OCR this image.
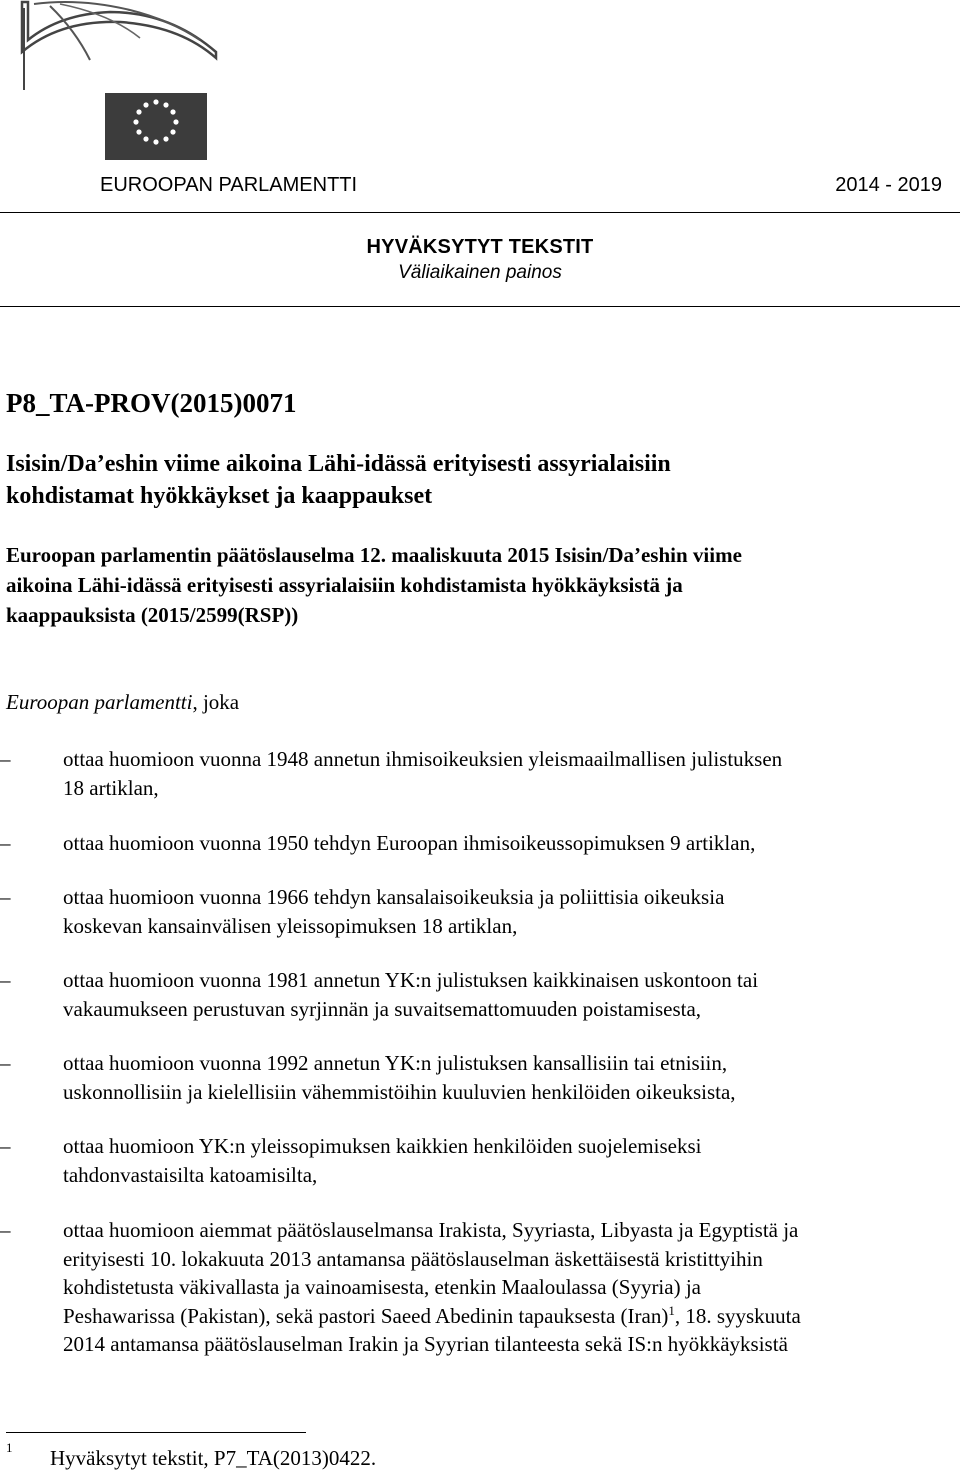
EUROOPAN PARLAMENTTI	2014 - 2019
HYVÄKSYTYT TEKSTIT
Väliaikainen painos
P8_TA-PROV(2015)0071
Isisin/Da’eshin viime aikoina Lähi-idässä erityisesti assyrialaisiin
kohdistamat hyökkäykset ja kaappaukset
Euroopan parlamentin päätöslauselma 12. maaliskuuta 2015 Isisin/Da’eshin viime
aikoina Lähi-idässä erityisesti assyrialaisiin kohdistamista hyökkäyksistä ja
kaappauksista (2015/2599(RSP))
Euroopan parlamentti, joka
–	ottaa huomioon vuonna 1948 annetun ihmisoikeuksien yleismaailmallisen julistuksen
18 artiklan,
–	ottaa huomioon vuonna 1950 tehdyn Euroopan ihmisoikeussopimuksen 9 artiklan,
–	ottaa huomioon vuonna 1966 tehdyn kansalaisoikeuksia ja poliittisia oikeuksia
koskevan kansainvälisen yleissopimuksen 18 artiklan,
–	ottaa huomioon vuonna 1981 annetun YK:n julistuksen kaikkinaisen uskontoon tai
vakaumukseen perustuvan syrjinnän ja suvaitsemattomuuden poistamisesta,
–	ottaa huomioon vuonna 1992 annetun YK:n julistuksen kansallisiin tai etnisiin,
uskonnollisiin ja kielellisiin vähemmistöihin kuuluvien henkilöiden oikeuksista,
–	ottaa huomioon YK:n yleissopimuksen kaikkien henkilöiden suojelemiseksi
tahdonvastaisilta katoamisilta,
–	ottaa huomioon aiemmat päätöslauselmansa Irakista, Syyriasta, Libyasta ja Egyptistä ja
erityisesti 10. lokakuuta 2013 antamansa päätöslauselman äskettäisestä kristittyihin
kohdistetusta väkivallasta ja vainoamisesta, etenkin Maaloulassa (Syyria) ja
Peshawarissa (Pakistan), sekä pastori Saeed Abedinin tapauksesta (Iran)$^1$, 18. syyskuuta
2014 antamansa päätöslauselman Irakin ja Syyrian tilanteesta sekä IS:n hyökkäyksistä
1 Hyväksytyt tekstit, P7_TA(2013)0422.
